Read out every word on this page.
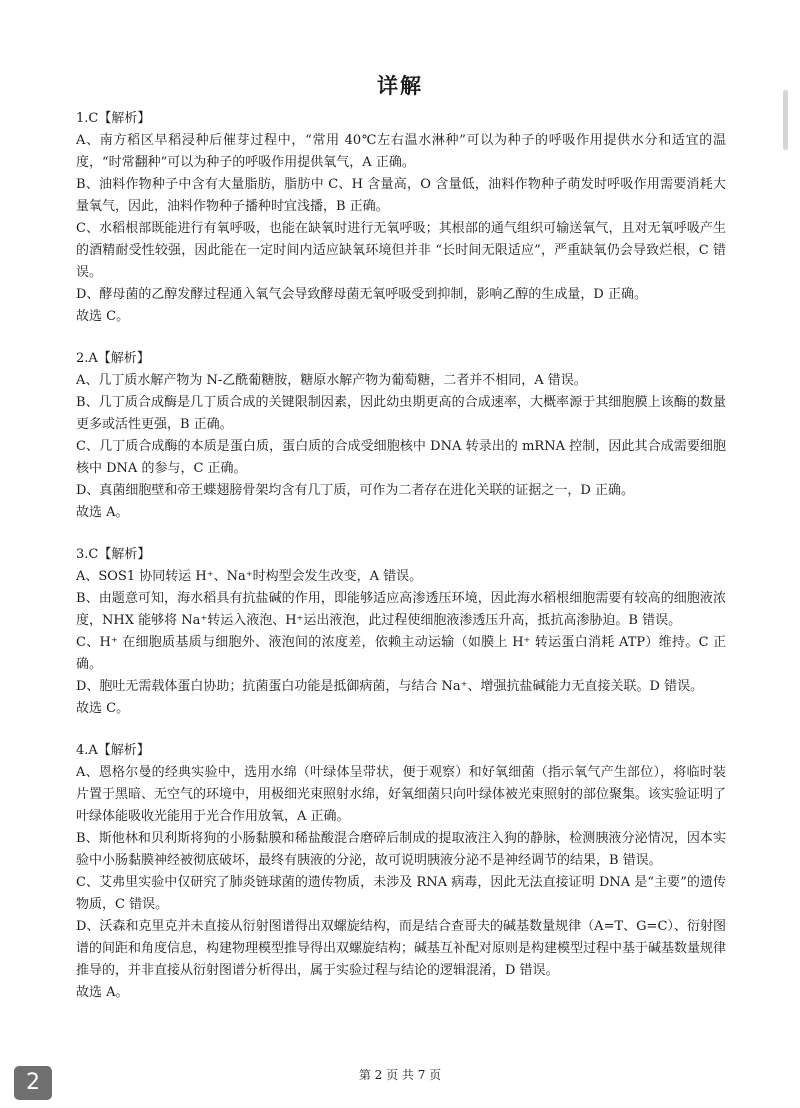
详解
1.C【解析】
A、南方稻区早稻浸种后催芽过程中，“常用 40℃左右温水淋种”可以为种子的呼吸作用提供水分和适宜的温度，“时常翻种”可以为种子的呼吸作用提供氧气，A 正确。
B、油料作物种子中含有大量脂肪，脂肪中 C、H 含量高，O 含量低，油料作物种子萌发时呼吸作用需要消耗大量氧气，因此，油料作物种子播种时宜浅播，B 正确。
C、水稻根部既能进行有氧呼吸，也能在缺氧时进行无氧呼吸；其根部的通气组织可输送氧气，且对无氧呼吸产生的酒精耐受性较强，因此能在一定时间内适应缺氧环境但并非 “长时间无限适应”，严重缺氧仍会导致烂根，C 错误。
D、酵母菌的乙醇发酵过程通入氧气会导致酵母菌无氧呼吸受到抑制，影响乙醇的生成量，D 正确。
故选 C。
2.A【解析】
A、几丁质水解产物为 N-乙酰葡糖胺，糖原水解产物为葡萄糖，二者并不相同，A 错误。
B、几丁质合成酶是几丁质合成的关键限制因素，因此幼虫期更高的合成速率，大概率源于其细胞膜上该酶的数量更多或活性更强，B 正确。
C、几丁质合成酶的本质是蛋白质，蛋白质的合成受细胞核中 DNA 转录出的 mRNA 控制，因此其合成需要细胞核中 DNA 的参与，C 正确。
D、真菌细胞壁和帝王蝶翅膀骨架均含有几丁质，可作为二者存在进化关联的证据之一，D 正确。
故选 A。
3.C【解析】
A、SOS1 协同转运 H⁺、Na⁺时构型会发生改变，A 错误。
B、由题意可知，海水稻具有抗盐碱的作用，即能够适应高渗透压环境，因此海水稻根细胞需要有较高的细胞液浓度，NHX 能够将 Na⁺转运入液泡、H⁺运出液泡，此过程使细胞液渗透压升高，抵抗高渗胁迫。B 错误。
C、H⁺ 在细胞质基质与细胞外、液泡间的浓度差，依赖主动运输（如膜上 H⁺ 转运蛋白消耗 ATP）维持。C 正确。
D、胞吐无需载体蛋白协助；抗菌蛋白功能是抵御病菌，与结合 Na⁺、增强抗盐碱能力无直接关联。D 错误。
故选 C。
4.A【解析】
A、恩格尔曼的经典实验中，选用水绵（叶绿体呈带状，便于观察）和好氧细菌（指示氧气产生部位），将临时装片置于黑暗、无空气的环境中，用极细光束照射水绵，好氧细菌只向叶绿体被光束照射的部位聚集。该实验证明了叶绿体能吸收光能用于光合作用放氧，A 正确。
B、斯他林和贝利斯将狗的小肠黏膜和稀盐酸混合磨碎后制成的提取液注入狗的静脉，检测胰液分泌情况，因本实验中小肠黏膜神经被彻底破坏，最终有胰液的分泌，故可说明胰液分泌不是神经调节的结果，B 错误。
C、艾弗里实验中仅研究了肺炎链球菌的遗传物质，未涉及 RNA 病毒，因此无法直接证明 DNA 是“主要”的遗传物质，C 错误。
D、沃森和克里克并未直接从衍射图谱得出双螺旋结构，而是结合查哥夫的碱基数量规律（A=T、G=C）、衍射图谱的间距和角度信息，构建物理模型推导得出双螺旋结构；碱基互补配对原则是构建模型过程中基于碱基数量规律推导的，并非直接从衍射图谱分析得出，属于实验过程与结论的逻辑混淆，D 错误。
故选 A。
第 2 页 共 7 页
2
